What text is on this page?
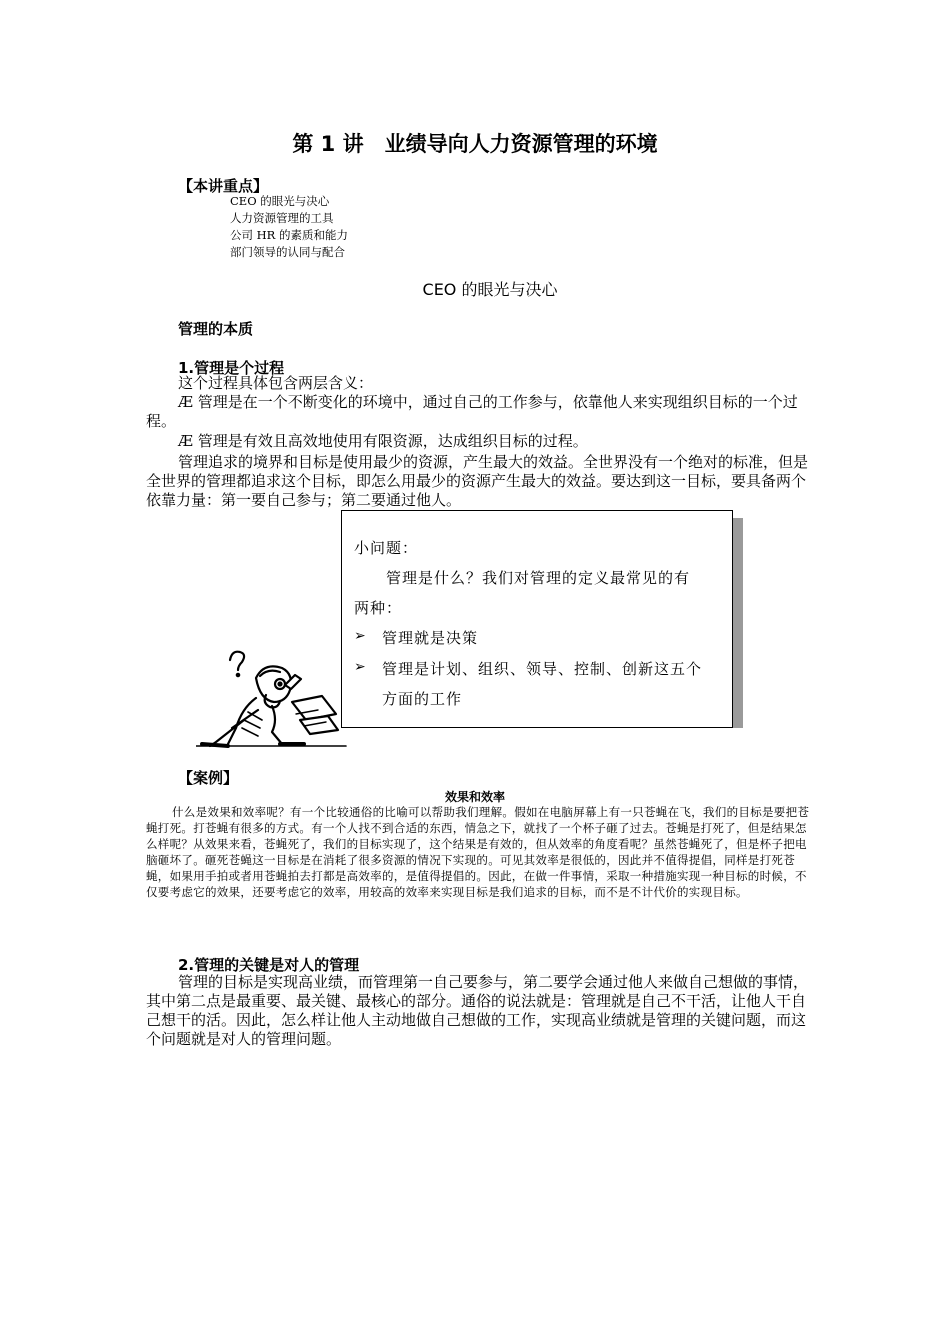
第 1 讲　业绩导向人力资源管理的环境
【本讲重点】
CEO 的眼光与决心
人力资源管理的工具
公司 HR 的素质和能力
部门领导的认同与配合
CEO 的眼光与决心
管理的本质
1.管理是个过程
这个过程具体包含两层含义：
Æ 管理是在一个不断变化的环境中，通过自己的工作参与，依靠他人来实现组织目标的一个过程。
Æ 管理是有效且高效地使用有限资源，达成组织目标的过程。
管理追求的境界和目标是使用最少的资源，产生最大的效益。全世界没有一个绝对的标准，但是全世界的管理都追求这个目标，即怎么用最少的资源产生最大的效益。要达到这一目标，要具备两个依靠力量：第一要自己参与；第二要通过他人。
小问题：
管理是什么？我们对管理的定义最常见的有
两种：
➢ 管理就是决策
➢ 管理是计划、组织、领导、控制、创新这五个
方面的工作
【案例】
效果和效率
什么是效果和效率呢？有一个比较通俗的比喻可以帮助我们理解。假如在电脑屏幕上有一只苍蝇在飞，我们的目标是要把苍蝇打死。打苍蝇有很多的方式。有一个人找不到合适的东西，情急之下，就找了一个杯子砸了过去。苍蝇是打死了，但是结果怎么样呢？从效果来看，苍蝇死了，我们的目标实现了，这个结果是有效的，但从效率的角度看呢？虽然苍蝇死了，但是杯子把电脑砸坏了。砸死苍蝇这一目标是在消耗了很多资源的情况下实现的。可见其效率是很低的，因此并不值得提倡，同样是打死苍蝇，如果用手拍或者用苍蝇拍去打都是高效率的，是值得提倡的。因此，在做一件事情，采取一种措施实现一种目标的时候，不仅要考虑它的效果，还要考虑它的效率，用较高的效率来实现目标是我们追求的目标，而不是不计代价的实现目标。
2.管理的关键是对人的管理
管理的目标是实现高业绩，而管理第一自己要参与，第二要学会通过他人来做自己想做的事情，其中第二点是最重要、最关键、最核心的部分。通俗的说法就是：管理就是自己不干活，让他人干自己想干的活。因此，怎么样让他人主动地做自己想做的工作，实现高业绩就是管理的关键问题，而这个问题就是对人的管理问题。
